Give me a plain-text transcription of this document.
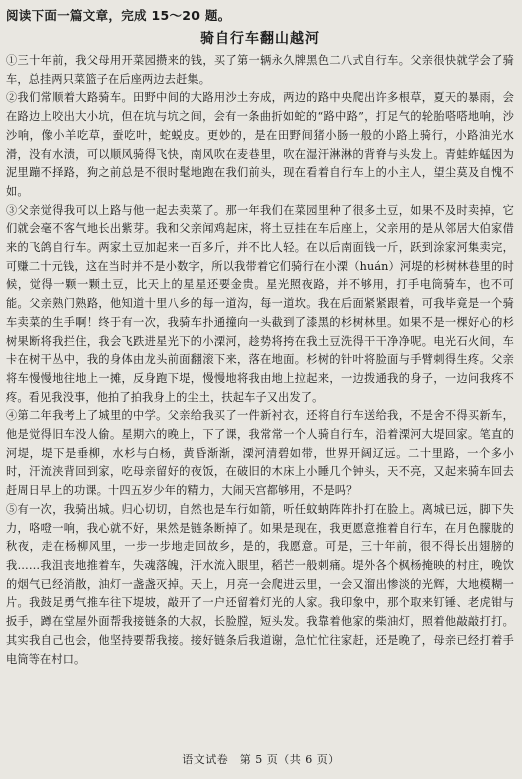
阅读下面一篇文章，完成 15～20 题。
骑自行车翻山越河

①三十年前，我父母用开菜园攒来的钱，买了第一辆永久牌黑色二八式自行车。父亲很快就学会了骑车，总挂两只菜篮子在后座两边去赶集。

②我们常顺着大路骑车。田野中间的大路用沙土夯成，两边的路中央爬出许多根草，夏天的暴雨，会在路边上咬出大小坑，但在坑与坑之间，会有一条曲折如蛇的“路中路”，打足气的轮胎嗒嗒地响，沙沙响，像小羊吃草，蚕吃叶，蛇蜕皮。更妙的，是在田野间猪小肠一般的小路上骑行，小路油光水滑，没有水渍，可以顺风骑得飞快，南风吹在麦巷里，吹在湿汗淋淋的背脊与头发上。青蛙蚱蜢因为泥里蹦不择路，狗之前总是不很时髦地跑在我们前头，现在看着自行车上的小主人，望尘莫及自愧不如。

③父亲觉得我可以上路与他一起去卖菜了。那一年我们在菜园里种了很多土豆，如果不及时卖掉，它们就会毫不客气地长出紫芽。我和父亲闻鸡起床，将土豆挂在车后座上，父亲用的是从邻居大伯家借来的飞鸽自行车。两家土豆加起来一百多斤，并不比人轻。在以后南面钱一斤，跃到涂家河集卖完，可赚二十元钱，这在当时并不是小数字，所以我带着它们骑行在小溧（huán）河堤的杉树林巷里的时候，觉得一颗一颗土豆，比天上的星星还要金贵。星光照夜路，并不够用，打手电筒骑车，也不可能。父亲熟门熟路，他知道十里八乡的每一道沟，每一道坎。我在后面紧紧跟着，可我毕竟是一个骑车卖菜的生手啊！终于有一次，我骑车扑通撞向一头截到了漆黑的杉树林里。如果不是一棵好心的杉树果断将我拦住，我会飞跌进星光下的小溧河，趁势将挎在我土豆洗得干干净净呢。电光石火间，车卡在树干丛中，我的身体由龙头前面翻滚下来，落在地面。杉树的针叶将脸面与手臂刺得生疼。父亲将车慢慢地往地上一摊，反身跑下堤，慢慢地将我由地上拉起来，一边拨通我的身子，一边问我疼不疼。看见我没事，他拍了拍我身上的尘土，扶起车子又出发了。

④第二年我考上了城里的中学。父亲给我买了一件新衬衣，还将自行车送给我，不是舍不得买新车，他是觉得旧车没人偷。星期六的晚上，下了课，我常常一个人骑自行车，沿着溧河大堤回家。笔直的河堤，堤下是垂柳，水杉与白杨，黄昏渐渐，溧河清碧如带，世界开阔辽远。二十里路，一个多小时，汗流浃背回到家，吃母亲留好的夜饭，在破旧的木床上小睡几个钟头，天不亮，又起来骑车回去赶周日早上的功课。十四五岁少年的精力，大闹天宫都够用，不是吗？

⑤有一次，我骑出城。归心切切，自然也是车行如箭，听任蚊蚋阵阵扑打在脸上。离城已远，脚下失力，咯噔一响，我心就不好，果然是链条断掉了。如果是现在，我更愿意推着自行车，在月色朦胧的秋夜，走在杨柳风里，一步一步地走回故乡，是的，我愿意。可是，三十年前，很不得长出翅膀的我……我沮丧地推着车，失魂落魄，汗水流入眼里，稻芒一般刺痛。堤外各个枫杨掩映的村庄，晚饮的烟气已经消散，油灯一盏盏灭掉。天上，月亮一会爬进云里，一会又溜出惨淡的光辉，大地模糊一片。我鼓足勇气推车往下堤坡，敲开了一户还留着灯光的人家。我印象中，那个取来钉锤、老虎钳与扳手，蹲在堂屋外面帮我接链条的大叔，长脸膛，短头发。我靠着他家的柴油灯，照着他敲敲打打。其实我自己也会，他坚持要帮我接。接好链条后我道谢，急忙忙往家赶，还是晚了，母亲已经打着手电筒等在村口。

语文试卷　第 5 页（共 6 页）
